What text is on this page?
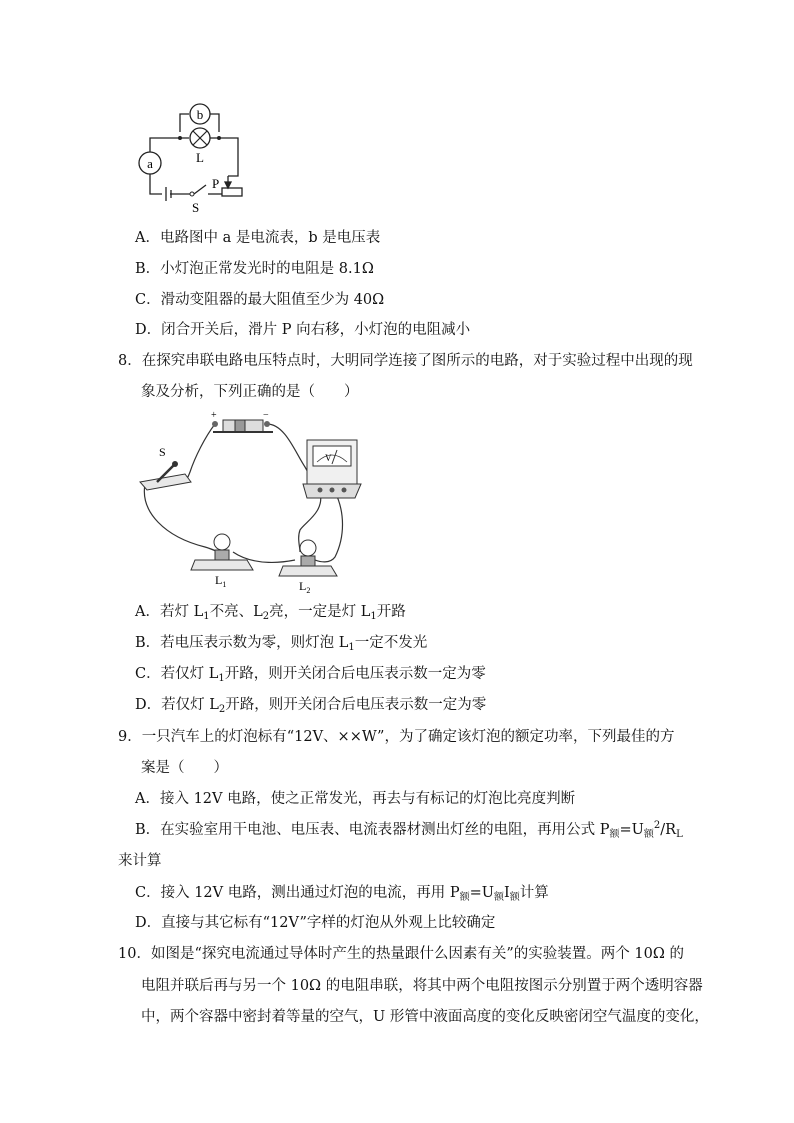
b
L
a
P
S
A．电路图中 a 是电流表，b 是电压表
B．小灯泡正常发光时的电阻是 8.1Ω
C．滑动变阻器的最大阻值至少为 40Ω
D．闭合开关后，滑片 P 向右移，小灯泡的电阻减小
8．在探究串联电路电压特点时，大明同学连接了图所示的电路，对于实验过程中出现的现
象及分析，下列正确的是（　　）
+	−
S	V
$L_1$	$L_2$
A．若灯 $L_1$不亮、$L_2$亮，一定是灯 $L_1$开路
B．若电压表示数为零，则灯泡 $L_1$一定不发光
C．若仅灯 $L_1$开路，则开关闭合后电压表示数一定为零
D．若仅灯 $L_2$开路，则开关闭合后电压表示数一定为零
9．一只汽车上的灯泡标有“12V、××W”，为了确定该灯泡的额定功率，下列最佳的方
案是（　　）
A．接入 12V 电路，使之正常发光，再去与有标记的灯泡比亮度判断
B．在实验室用干电池、电压表、电流表器材测出灯丝的电阻，再用公式 $P_额=U_额^2/R_L$
来计算
C．接入 12V 电路，测出通过灯泡的电流，再用 $P_额=U_额I_额$计算
D．直接与其它标有“12V”字样的灯泡从外观上比较确定
10．如图是“探究电流通过导体时产生的热量跟什么因素有关”的实验装置。两个 10Ω 的
电阻并联后再与另一个 10Ω 的电阻串联，将其中两个电阻按图示分别置于两个透明容器
中，两个容器中密封着等量的空气，U 形管中液面高度的变化反映密闭空气温度的变化，
